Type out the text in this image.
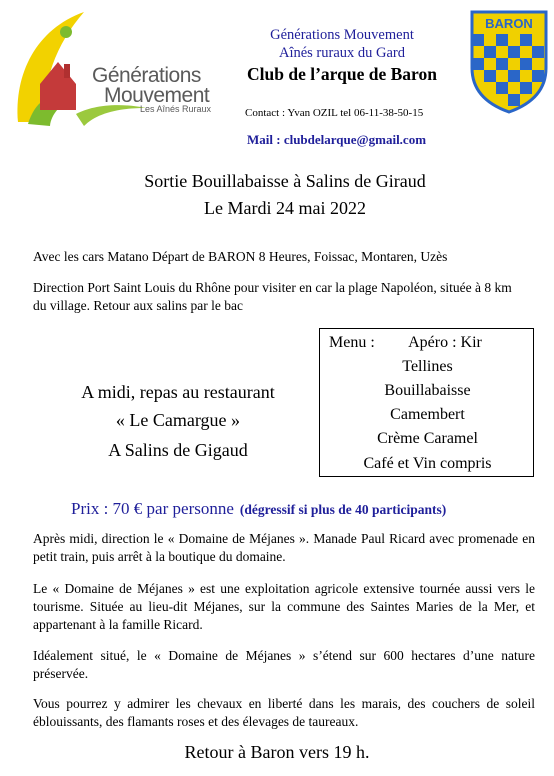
Générations
Mouvement
Les Aînés Ruraux
Générations Mouvement
Aînés ruraux du Gard
Club de l’arque de Baron
Contact : Yvan OZIL tel 06-11-38-50-15
Mail : clubdelarque@gmail.com
BARON
Sortie Bouillabaisse à Salins de Giraud
Le Mardi 24 mai 2022
Avec les cars Matano Départ de BARON 8 Heures, Foissac, Montaren, Uzès
Direction Port Saint Louis du Rhône pour visiter en car la plage Napoléon, située à 8 km du village. Retour aux salins par le bac
Menu :	Apéro : Kir
Tellines
Bouillabaisse
Camembert
Crème Caramel
Café et Vin compris
A midi, repas au restaurant
« Le Camargue »
A Salins de Gigaud
Prix : 70 € par personne (dégressif si plus de 40 participants)
Après midi, direction le « Domaine de Méjanes ». Manade Paul Ricard avec promenade en petit train, puis arrêt à la boutique du domaine.
Le « Domaine de Méjanes » est une exploitation agricole extensive tournée aussi vers le tourisme. Située au lieu-dit Méjanes, sur la commune des Saintes Maries de la Mer, et appartenant à la famille Ricard.
Idéalement situé, le « Domaine de Méjanes » s’étend sur 600 hectares d’une nature préservée.
Vous pourrez y admirer les chevaux en liberté dans les marais, des couchers de soleil éblouissants, des flamants roses et des élevages de taureaux.
Retour à Baron vers 19 h.
